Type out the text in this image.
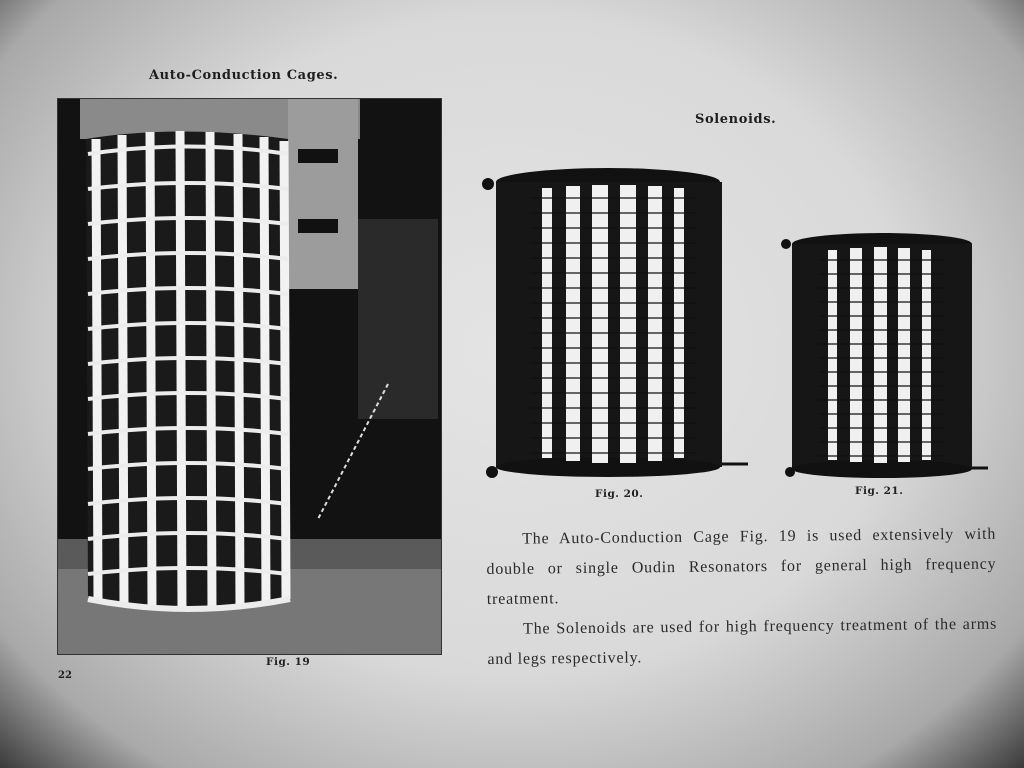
Auto-Conduction Cages.
Solenoids.
Fig. 19
Fig. 20.	Fig. 21.

The Auto-Conduction Cage Fig. 19 is used extensively with double or single Oudin Resonators for general high frequency treatment.

The Solenoids are used for high frequency treatment of the arms and legs respectively.

22
